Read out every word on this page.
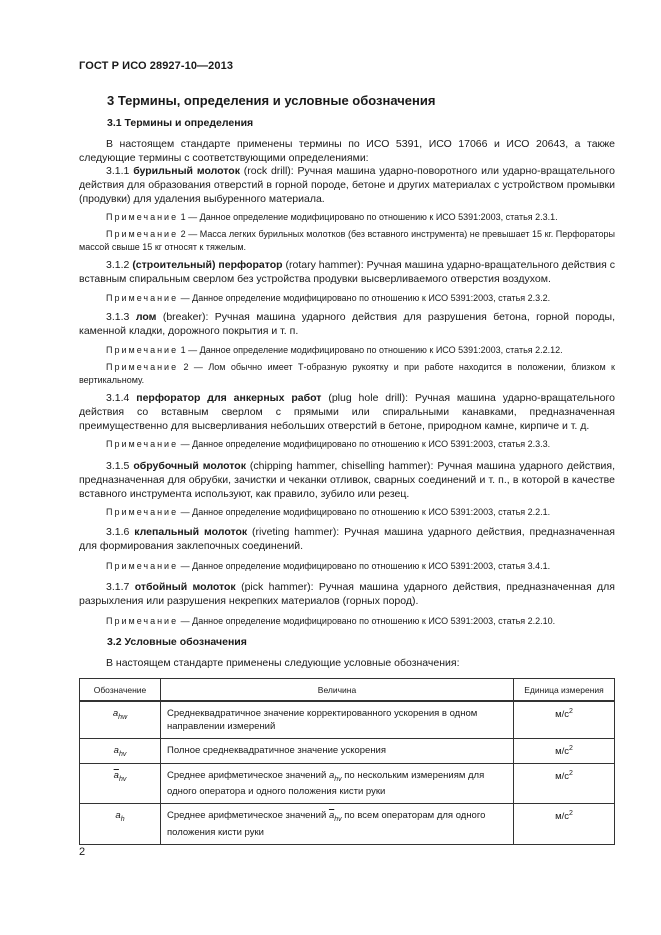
ГОСТ Р ИСО 28927-10—2013
3 Термины, определения и условные обозначения
3.1 Термины и определения
В настоящем стандарте применены термины по ИСО 5391, ИСО 17066 и ИСО 20643, а также следующие термины с соответствующими определениями:
3.1.1 бурильный молоток (rock drill): Ручная машина ударно-поворотного или ударно-вращательного действия для образования отверстий в горной породе, бетоне и других материалах с устройством промывки (продувки) для удаления выбуренного материала.
Примечание 1 — Данное определение модифицировано по отношению к ИСО 5391:2003, статья 2.3.1.
Примечание 2 — Масса легких бурильных молотков (без вставного инструмента) не превышает 15 кг. Перфораторы массой свыше 15 кг относят к тяжелым.
3.1.2 (строительный) перфоратор (rotary hammer): Ручная машина ударно-вращательного действия с вставным спиральным сверлом без устройства продувки высверливаемого отверстия воздухом.
Примечание — Данное определение модифицировано по отношению к ИСО 5391:2003, статья 2.3.2.
3.1.3 лом (breaker): Ручная машина ударного действия для разрушения бетона, горной породы, каменной кладки, дорожного покрытия и т. п.
Примечание 1 — Данное определение модифицировано по отношению к ИСО 5391:2003, статья 2.2.12.
Примечание 2 — Лом обычно имеет Т-образную рукоятку и при работе находится в положении, близком к вертикальному.
3.1.4 перфоратор для анкерных работ (plug hole drill): Ручная машина ударно-вращательного действия со вставным сверлом с прямыми или спиральными канавками, предназначенная преимущественно для высверливания небольших отверстий в бетоне, природном камне, кирпиче и т. д.
Примечание — Данное определение модифицировано по отношению к ИСО 5391:2003, статья 2.3.3.
3.1.5 обрубочный молоток (chipping hammer, chiselling hammer): Ручная машина ударного действия, предназначенная для обрубки, зачистки и чеканки отливок, сварных соединений и т. п., в которой в качестве вставного инструмента используют, как правило, зубило или резец.
Примечание — Данное определение модифицировано по отношению к ИСО 5391:2003, статья 2.2.1.
3.1.6 клепальный молоток (riveting hammer): Ручная машина ударного действия, предназначенная для формирования заклепочных соединений.
Примечание — Данное определение модифицировано по отношению к ИСО 5391:2003, статья 3.4.1.
3.1.7 отбойный молоток (pick hammer): Ручная машина ударного действия, предназначенная для разрыхления или разрушения некрепких материалов (горных пород).
Примечание — Данное определение модифицировано по отношению к ИСО 5391:2003, статья 2.2.10.
3.2 Условные обозначения
В настоящем стандарте применены следующие условные обозначения:
Обозначение	Величина	Единица измерения
$a_{hw}$	Среднеквадратичное значение корректированного ускорения в одном направлении измерений	$м/с^2$
$a_{hv}$	Полное среднеквадратичное значение ускорения	$м/с^2$
$\overline{a}_{hv}$	Среднее арифметическое значений $a_{hv}$ по нескольким измерениям для одного оператора и одного положения кисти руки	$м/с^2$
$a_h$	Среднее арифметическое значений $\overline{a}_{hv}$ по всем операторам для одного положения кисти руки	$м/с^2$
2
